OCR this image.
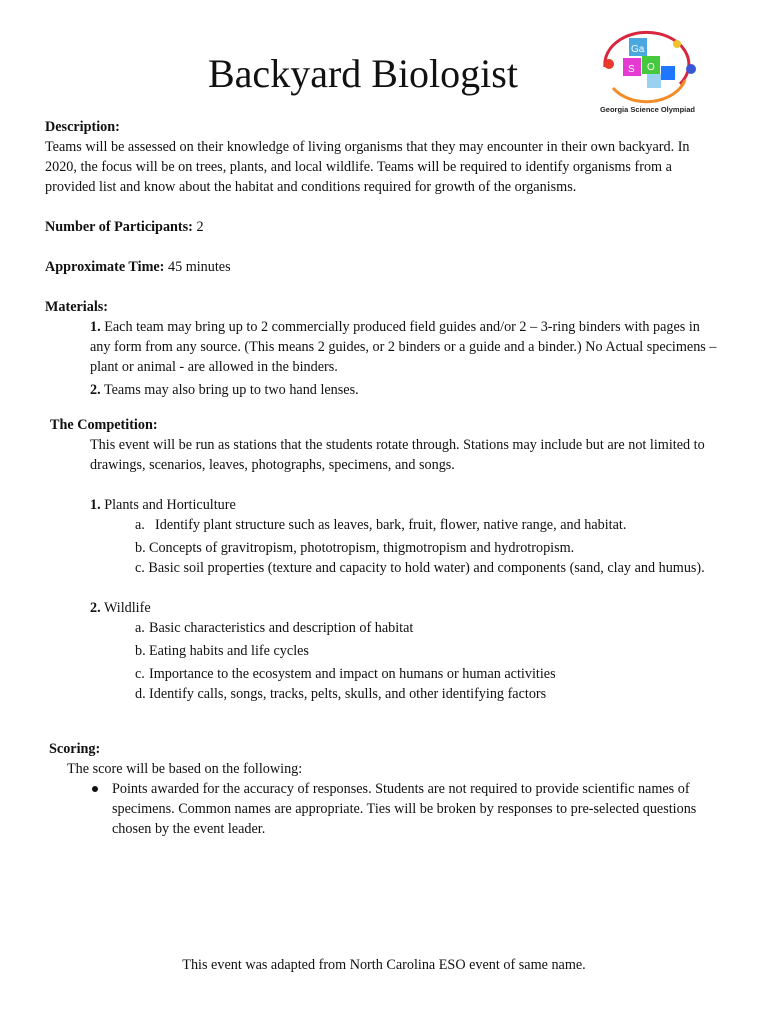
Backyard Biologist
Ga
S O
Georgia Science Olympiad

Description:

Teams will be assessed on their knowledge of living organisms that they may encounter in their own backyard. In 2020, the focus will be on trees, plants, and local wildlife. Teams will be required to identify organisms from a provided list and know about the habitat and conditions required for growth of the organisms.

Number of Participants: 2

Approximate Time: 45 minutes

Materials:

1. Each team may bring up to 2 commercially produced field guides and/or 2 – 3-ring binders with pages in any form from any source. (This means 2 guides, or 2 binders or a guide and a binder.) No Actual specimens –plant or animal - are allowed in the binders.

2. Teams may also bring up to two hand lenses.

The Competition:

This event will be run as stations that the students rotate through. Stations may include but are not limited to drawings, scenarios, leaves, photographs, specimens, and songs.

1. Plants and Horticulture

a. Identify plant structure such as leaves, bark, fruit, flower, native range, and habitat.
b. Concepts of gravitropism, phototropism, thigmotropism and hydrotropism.
c. Basic soil properties (texture and capacity to hold water) and components (sand, clay and humus).

2. Wildlife

a. Basic characteristics and description of habitat
b. Eating habits and life cycles
c. Importance to the ecosystem and impact on humans or human activities
d. Identify calls, songs, tracks, pelts, skulls, and other identifying factors

Scoring:

The score will be based on the following:

Points awarded for the accuracy of responses. Students are not required to provide scientific names of specimens. Common names are appropriate. Ties will be broken by responses to pre-selected questions chosen by the event leader.
This event was adapted from North Carolina ESO event of same name.
